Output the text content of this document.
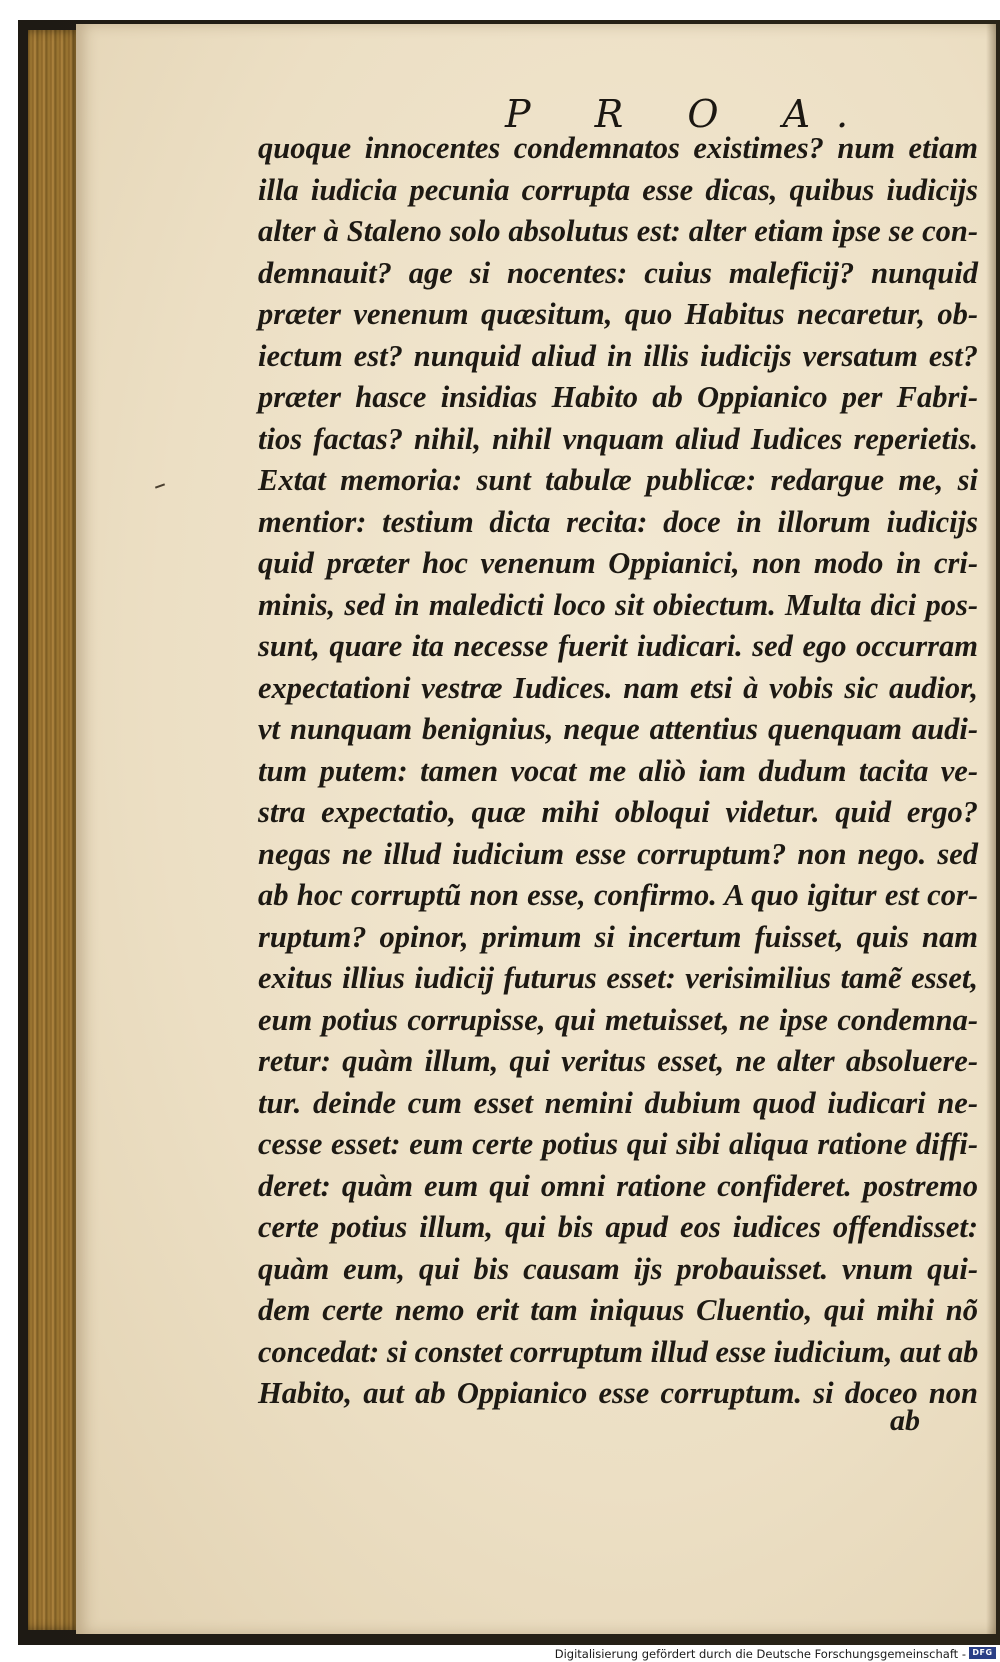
P R O A.
quoque innocentes condemnatos existimes? num etiam
illa iudicia pecunia corrupta esse dicas, quibus iudicijs
alter à Staleno solo absolutus est: alter etiam ipse se con-
demnauit? age si nocentes: cuius maleficij? nunquid
præter venenum quæsitum, quo Habitus necaretur, ob-
iectum est? nunquid aliud in illis iudicijs versatum est?
præter hasce insidias Habito ab Oppianico per Fabri-
tios factas? nihil, nihil vnquam aliud Iudices reperietis.
Extat memoria: sunt tabulæ publicæ: redargue me, si
mentior: testium dicta recita: doce in illorum iudicijs
quid præter hoc venenum Oppianici, non modo in cri-
minis, sed in maledicti loco sit obiectum. Multa dici pos-
sunt, quare ita necesse fuerit iudicari. sed ego occurram
expectationi vestræ Iudices. nam etsi à vobis sic audior,
vt nunquam benignius, neque attentius quenquam audi-
tum putem: tamen vocat me aliò iam dudum tacita ve-
stra expectatio, quæ mihi obloqui videtur. quid ergo?
negas ne illud iudicium esse corruptum? non nego. sed
ab hoc corruptũ non esse, confirmo. A quo igitur est cor-
ruptum? opinor, primum si incertum fuisset, quis nam
exitus illius iudicij futurus esset: verisimilius tamẽ esset,
eum potius corrupisse, qui metuisset, ne ipse condemna-
retur: quàm illum, qui veritus esset, ne alter absoluere-
tur. deinde cum esset nemini dubium quod iudicari ne-
cesse esset: eum certe potius qui sibi aliqua ratione diffi-
deret: quàm eum qui omni ratione confideret. postremo
certe potius illum, qui bis apud eos iudices offendisset:
quàm eum, qui bis causam ijs probauisset. vnum qui-
dem certe nemo erit tam iniquus Cluentio, qui mihi nõ
concedat: si constet corruptum illud esse iudicium, aut ab
Habito, aut ab Oppianico esse corruptum. si doceo non
ab
Digitalisierung gefördert durch die Deutsche Forschungsgemeinschaft - DFG
